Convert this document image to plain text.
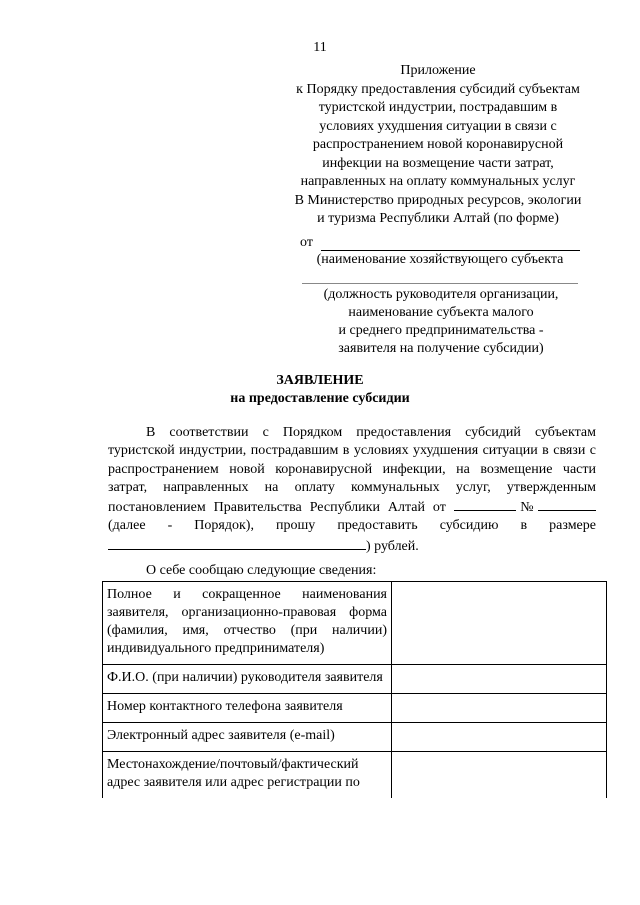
11
Приложение
к Порядку предоставления субсидий субъектам
туристской индустрии, пострадавшим в
условиях ухудшения ситуации в связи с
распространением новой коронавирусной
инфекции на возмещение части затрат,
направленных на оплату коммунальных услуг
В Министерство природных ресурсов, экологии
и туризма Республики Алтай (по форме)
от
(наименование хозяйствующего субъекта
(должность руководителя организации,
наименование субъекта малого
и среднего предпринимательства -
заявителя на получение субсидии)
ЗАЯВЛЕНИЕ
на предоставление субсидии

В соответствии с Порядком предоставления субсидий субъектам туристской индустрии, пострадавшим в условиях ухудшения ситуации в связи с распространением новой коронавирусной инфекции, на возмещение части затрат, направленных на оплату коммунальных услуг, утвержденным постановлением Правительства Республики Алтай от	№(далее - Порядок), прошу предоставить субсидию в размере ) рублей.

О себе сообщаю следующие сведения:
Полное и сокращенное наименования заявителя, организационно-правовая форма (фамилия, имя, отчество (при наличии) индивидуального предпринимателя)	
Ф.И.О. (при наличии) руководителя заявителя	
Номер контактного телефона заявителя	
Электронный адрес заявителя (e-mail)	
Местонахождение/почтовый/фактический адрес заявителя или адрес регистрации по	
